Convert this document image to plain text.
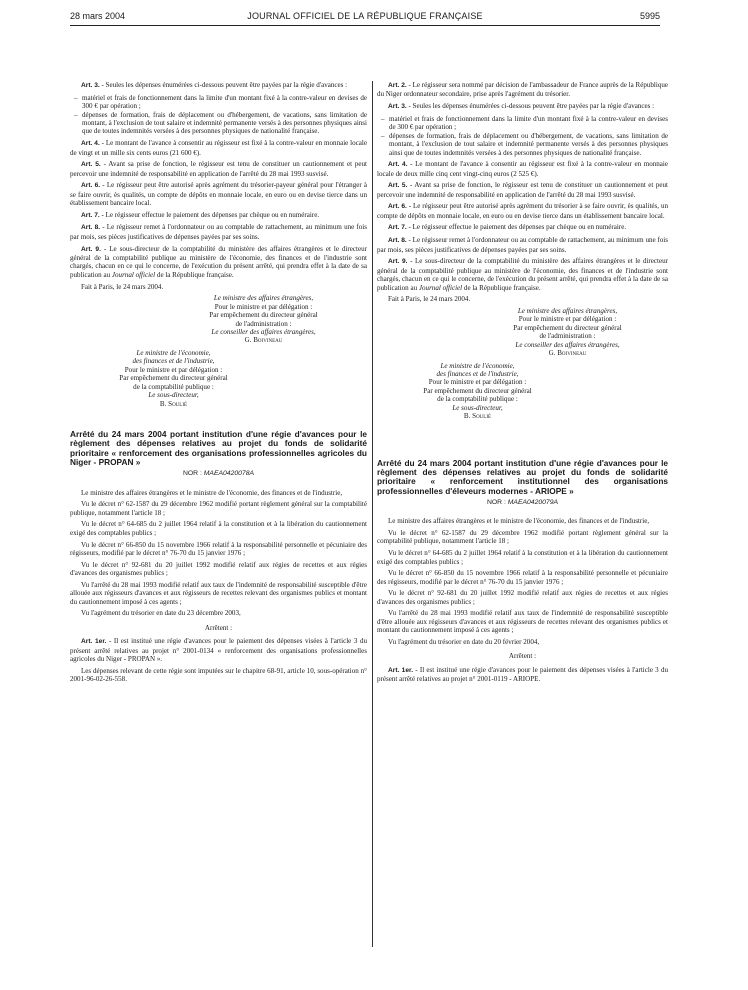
28 mars 2004	JOURNAL OFFICIEL DE LA RÉPUBLIQUE FRANÇAISE	5995

Art. 3. - Seules les dépenses énumérées ci-dessous peuvent être payées par la régie d'avances :

– matériel et frais de fonctionnement dans la limite d'un montant fixé à la contre-valeur en devises de 300 € par opération ;
– dépenses de formation, frais de déplacement ou d'hébergement, de vacations, sans limitation de montant, à l'exclusion de tout salaire et indemnité permanente versés à des personnes physiques ainsi que de toutes indemnités versées à des personnes physiques de nationalité française.

Art. 4. - Le montant de l'avance à consentir au régisseur est fixé à la contre-valeur en monnaie locale de vingt et un mille six cents euros (21 600 €).

Art. 5. - Avant sa prise de fonction, le régisseur est tenu de constituer un cautionnement et peut percevoir une indemnité de responsabilité en application de l'arrêté du 28 mai 1993 susvisé.

Art. 6. - Le régisseur peut être autorisé après agrément du trésorier-payeur général pour l'étranger à se faire ouvrir, ès qualités, un compte de dépôts en monnaie locale, en euro ou en devise tierce dans un établissement bancaire local.

Art. 7. - Le régisseur effectue le paiement des dépenses par chèque ou en numéraire.

Art. 8. - Le régisseur remet à l'ordonnateur ou au comptable de rattachement, au minimum une fois par mois, ses pièces justificatives de dépenses payées par ses soins.

Art. 9. - Le sous-directeur de la comptabilité du ministère des affaires étrangères et le directeur général de la comptabilité publique au ministère de l'économie, des finances et de l'industrie sont chargés, chacun en ce qui le concerne, de l'exécution du présent arrêté, qui prendra effet à la date de sa publication au Journal officiel de la République française.

Fait à Paris, le 24 mars 2004.

Le ministre des affaires étrangères,
Pour le ministre et par délégation :
Par empêchement du directeur général
de l'administration :
Le conseiller des affaires étrangères,
G. Boivineau
Le ministre de l'économie,
des finances et de l'industrie,
Pour le ministre et par délégation :
Par empêchement du directeur général
de la comptabilité publique :
Le sous-directeur,
B. Soulié
Arrêté du 24 mars 2004 portant institution d'une régie d'avances pour le règlement des dépenses relatives au projet du fonds de solidarité prioritaire « renforcement des organisations professionnelles agricoles du Niger - PROPAN »
NOR : MAEA0420078A

Le ministre des affaires étrangères et le ministre de l'économie, des finances et de l'industrie,

Vu le décret n° 62-1587 du 29 décembre 1962 modifié portant règlement général sur la comptabilité publique, notamment l'article 18 ;

Vu le décret n° 64-685 du 2 juillet 1964 relatif à la constitution et à la libération du cautionnement exigé des comptables publics ;

Vu le décret n° 66-850 du 15 novembre 1966 relatif à la responsabilité personnelle et pécuniaire des régisseurs, modifié par le décret n° 76-70 du 15 janvier 1976 ;

Vu le décret n° 92-681 du 20 juillet 1992 modifié relatif aux régies de recettes et aux régies d'avances des organismes publics ;

Vu l'arrêté du 28 mai 1993 modifié relatif aux taux de l'indemnité de responsabilité susceptible d'être allouée aux régisseurs d'avances et aux régisseurs de recettes relevant des organismes publics et montant du cautionnement imposé à ces agents ;

Vu l'agrément du trésorier en date du 23 décembre 2003,

Arrêtent :

Art. 1er. - Il est institué une régie d'avances pour le paiement des dépenses visées à l'article 3 du présent arrêté relatives au projet n° 2001-0134 « renforcement des organisations professionnelles agricoles du Niger - PROPAN ».

Les dépenses relevant de cette régie sont imputées sur le chapitre 68-91, article 10, sous-opération n° 2001-96-02-26-558.

Art. 2. - Le régisseur sera nommé par décision de l'ambassadeur de France auprès de la République du Niger ordonnateur secondaire, prise après l'agrément du trésorier.

Art. 3. - Seules les dépenses énumérées ci-dessous peuvent être payées par la régie d'avances :

– matériel et frais de fonctionnement dans la limite d'un montant fixé à la contre-valeur en devises de 300 € par opération ;
– dépenses de formation, frais de déplacement ou d'hébergement, de vacations, sans limitation de montant, à l'exclusion de tout salaire et indemnité permanente versés à des personnes physiques ainsi que de toutes indemnités versées à des personnes physiques de nationalité française.

Art. 4. - Le montant de l'avance à consentir au régisseur est fixé à la contre-valeur en monnaie locale de deux mille cinq cent vingt-cinq euros (2 525 €).

Art. 5. - Avant sa prise de fonction, le régisseur est tenu de constituer un cautionnement et peut percevoir une indemnité de responsabilité en application de l'arrêté du 28 mai 1993 susvisé.

Art. 6. - Le régisseur peut être autorisé après agrément du trésorier à se faire ouvrir, ès qualités, un compte de dépôts en monnaie locale, en euro ou en devise tierce dans un établissement bancaire local.

Art. 7. - Le régisseur effectue le paiement des dépenses par chèque ou en numéraire.

Art. 8. - Le régisseur remet à l'ordonnateur ou au comptable de rattachement, au minimum une fois par mois, ses pièces justificatives de dépenses payées par ses soins.

Art. 9. - Le sous-directeur de la comptabilité du ministère des affaires étrangères et le directeur général de la comptabilité publique au ministère de l'économie, des finances et de l'industrie sont chargés, chacun en ce qui le concerne, de l'exécution du présent arrêté, qui prendra effet à la date de sa publication au Journal officiel de la République française.

Fait à Paris, le 24 mars 2004.

Le ministre des affaires étrangères,
Pour le ministre et par délégation :
Par empêchement du directeur général
de l'administration :
Le conseiller des affaires étrangères,
G. Boivineau
Le ministre de l'économie,
des finances et de l'industrie,
Pour le ministre et par délégation :
Par empêchement du directeur général
de la comptabilité publique :
Le sous-directeur,
B. Soulié
Arrêté du 24 mars 2004 portant institution d'une régie d'avances pour le règlement des dépenses relatives au projet du fonds de solidarité prioritaire « renforcement institutionnel des organisations professionnelles d'éleveurs modernes - ARIOPE »
NOR : MAEA0420079A

Le ministre des affaires étrangères et le ministre de l'économie, des finances et de l'industrie,

Vu le décret n° 62-1587 du 29 décembre 1962 modifié portant règlement général sur la comptabilité publique, notamment l'article 18 ;

Vu le décret n° 64-685 du 2 juillet 1964 relatif à la constitution et à la libération du cautionnement exigé des comptables publics ;

Vu le décret n° 66-850 du 15 novembre 1966 relatif à la responsabilité personnelle et pécuniaire des régisseurs, modifié par le décret n° 76-70 du 15 janvier 1976 ;

Vu le décret n° 92-681 du 20 juillet 1992 modifié relatif aux régies de recettes et aux régies d'avances des organismes publics ;

Vu l'arrêté du 28 mai 1993 modifié relatif aux taux de l'indemnité de responsabilité susceptible d'être allouée aux régisseurs d'avances et aux régisseurs de recettes relevant des organismes publics et montant du cautionnement imposé à ces agents ;

Vu l'agrément du trésorier en date du 20 février 2004,

Arrêtent :

Art. 1er. - Il est institué une régie d'avances pour le paiement des dépenses visées à l'article 3 du présent arrêté relatives au projet n° 2001-0119 - ARIOPE.
